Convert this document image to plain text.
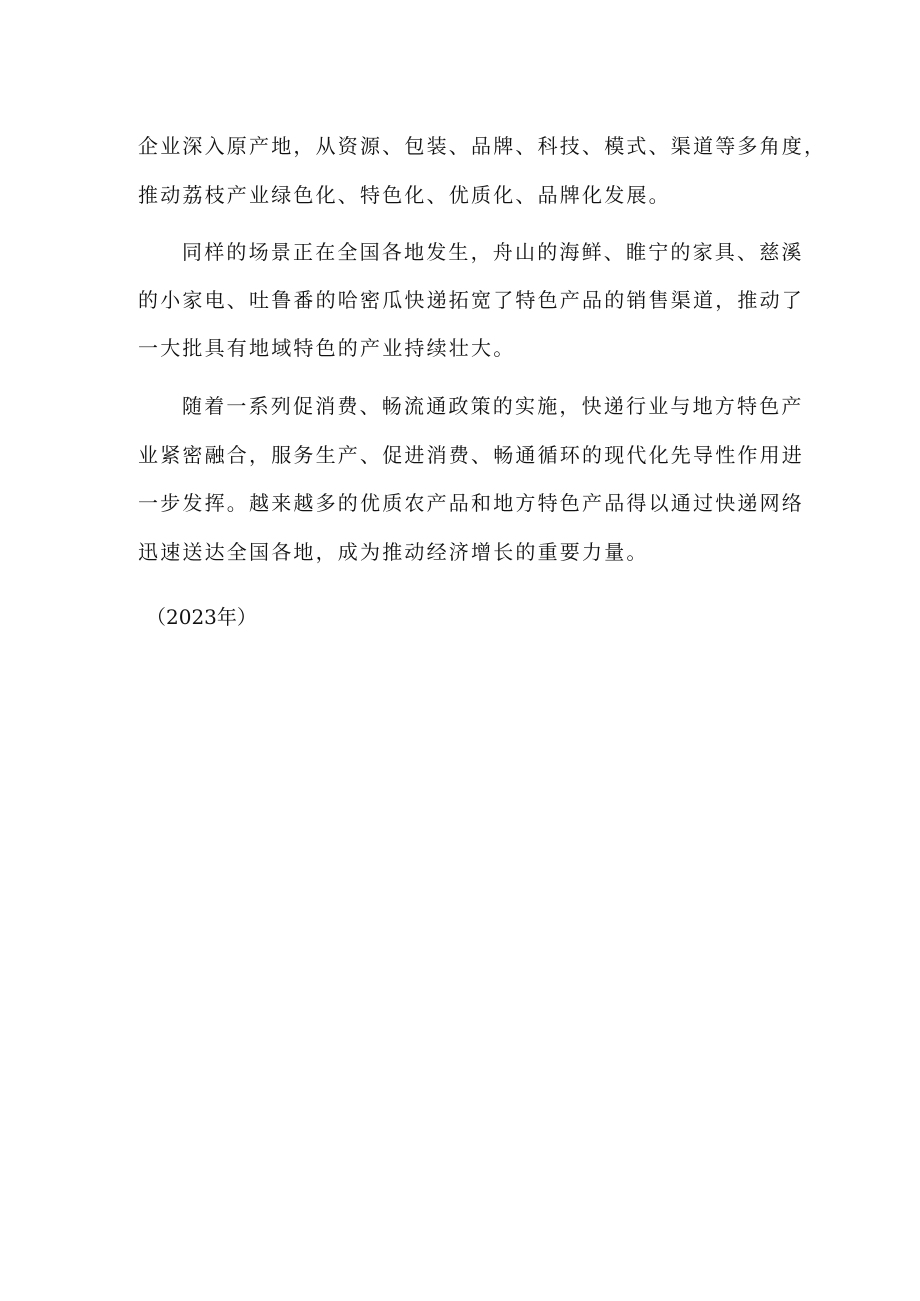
企业深入原产地，从资源、包装、品牌、科技、模式、渠道等多角度，
推动荔枝产业绿色化、特色化、优质化、品牌化发展。
同样的场景正在全国各地发生，舟山的海鲜、睢宁的家具、慈溪
的小家电、吐鲁番的哈密瓜快递拓宽了特色产品的销售渠道，推动了
一大批具有地域特色的产业持续壮大。
随着一系列促消费、畅流通政策的实施，快递行业与地方特色产
业紧密融合，服务生产、促进消费、畅通循环的现代化先导性作用进
一步发挥。越来越多的优质农产品和地方特色产品得以通过快递网络
迅速送达全国各地，成为推动经济增长的重要力量。
（2023年）
